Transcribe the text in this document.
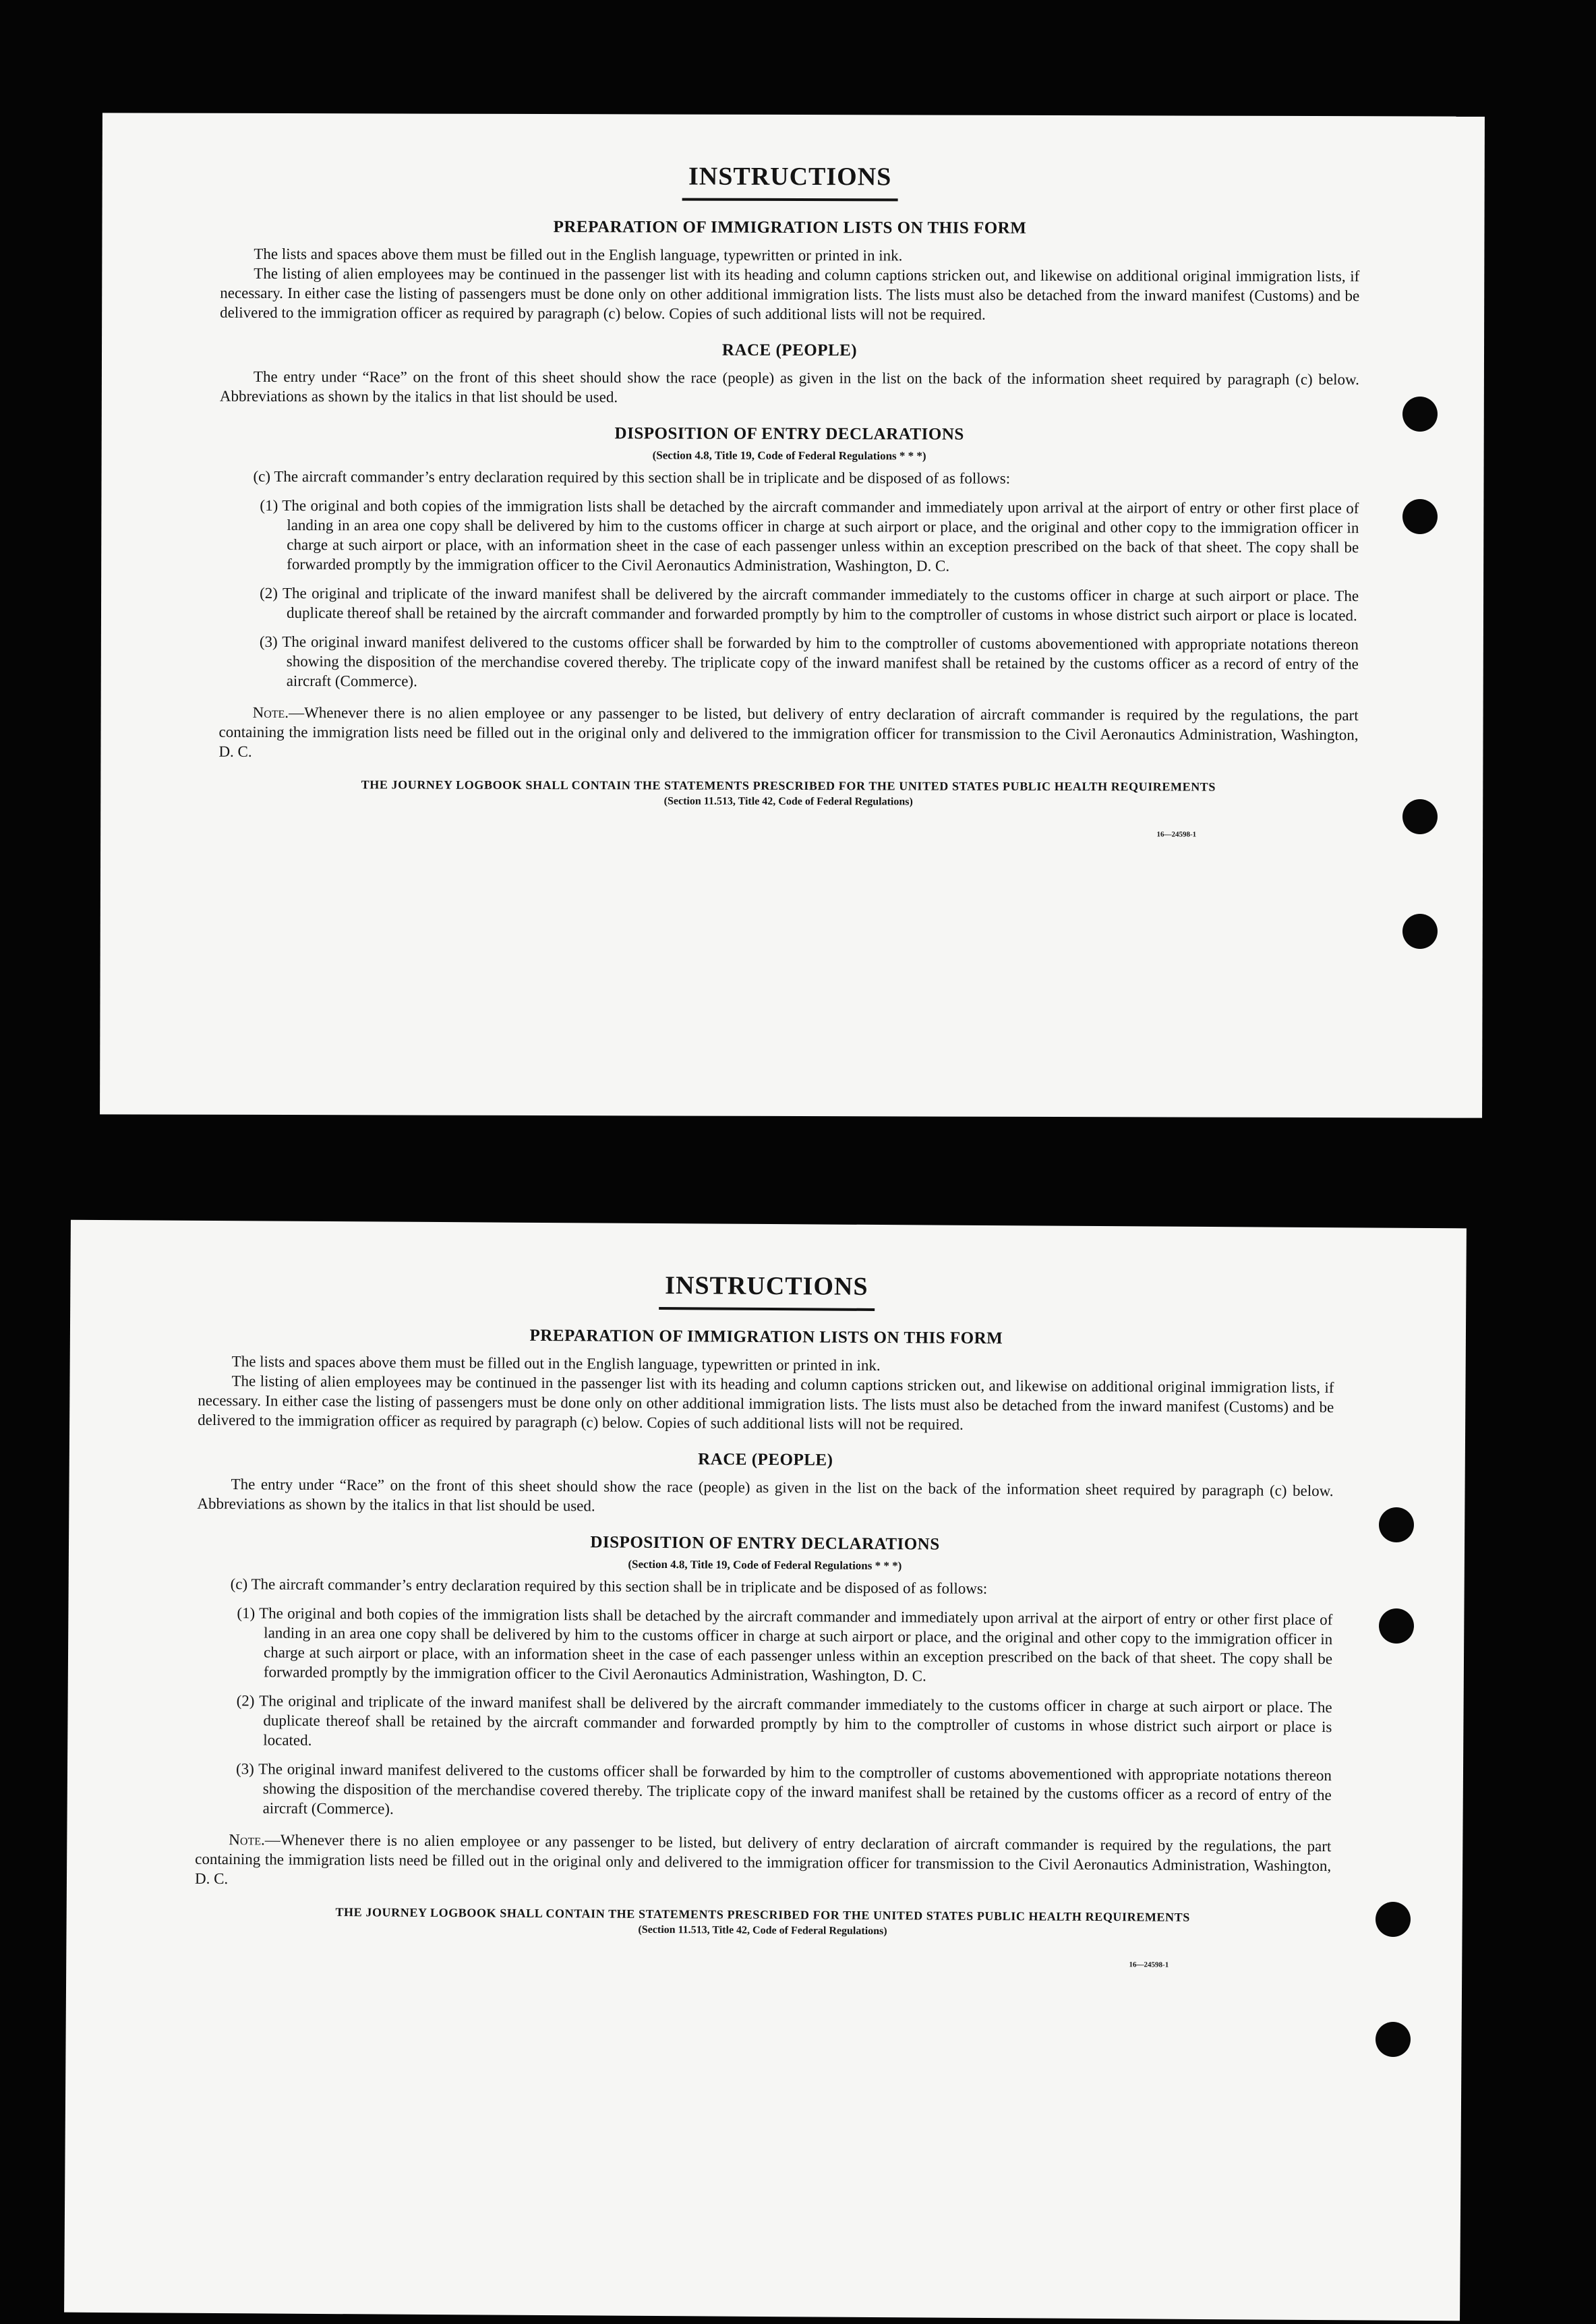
INSTRUCTIONS
PREPARATION OF IMMIGRATION LISTS ON THIS FORM

The lists and spaces above them must be filled out in the English language, typewritten or printed in ink.

The listing of alien employees may be continued in the passenger list with its heading and column captions stricken out, and likewise on additional original immigration lists, if necessary. In either case the listing of passengers must be done only on other additional immigration lists. The lists must also be detached from the inward manifest (Customs) and be delivered to the immigration officer as required by paragraph (c) below. Copies of such additional lists will not be required.

RACE (PEOPLE)

The entry under “Race” on the front of this sheet should show the race (people) as given in the list on the back of the information sheet required by paragraph (c) below. Abbreviations as shown by the italics in that list should be used.

DISPOSITION OF ENTRY DECLARATIONS
(Section 4.8, Title 19, Code of Federal Regulations * * *)

(c) The aircraft commander’s entry declaration required by this section shall be in triplicate and be disposed of as follows:

(1) The original and both copies of the immigration lists shall be detached by the aircraft commander and immediately upon arrival at the airport of entry or other first place of landing in an area one copy shall be delivered by him to the customs officer in charge at such airport or place, and the original and other copy to the immigration officer in charge at such airport or place, with an information sheet in the case of each passenger unless within an exception prescribed on the back of that sheet. The copy shall be forwarded promptly by the immigration officer to the Civil Aeronautics Administration, Washington, D. C.
(2) The original and triplicate of the inward manifest shall be delivered by the aircraft commander immediately to the customs officer in charge at such airport or place. The duplicate thereof shall be retained by the aircraft commander and forwarded promptly by him to the comptroller of customs in whose district such airport or place is located.
(3) The original inward manifest delivered to the customs officer shall be forwarded by him to the comptroller of customs abovementioned with appropriate notations thereon showing the disposition of the merchandise covered thereby. The triplicate copy of the inward manifest shall be retained by the customs officer as a record of entry of the aircraft (Commerce).
Note.—Whenever there is no alien employee or any passenger to be listed, but delivery of entry declaration of aircraft commander is required by the regulations, the part containing the immigration lists need be filled out in the original only and delivered to the immigration officer for transmission to the Civil Aeronautics Administration, Washington, D. C.
THE JOURNEY LOGBOOK SHALL CONTAIN THE STATEMENTS PRESCRIBED FOR THE UNITED STATES PUBLIC HEALTH REQUIREMENTS
(Section 11.513, Title 42, Code of Federal Regulations)
16—24598-1
INSTRUCTIONS
PREPARATION OF IMMIGRATION LISTS ON THIS FORM

The lists and spaces above them must be filled out in the English language, typewritten or printed in ink.

The listing of alien employees may be continued in the passenger list with its heading and column captions stricken out, and likewise on additional original immigration lists, if necessary. In either case the listing of passengers must be done only on other additional immigration lists. The lists must also be detached from the inward manifest (Customs) and be delivered to the immigration officer as required by paragraph (c) below. Copies of such additional lists will not be required.

RACE (PEOPLE)

The entry under “Race” on the front of this sheet should show the race (people) as given in the list on the back of the information sheet required by paragraph (c) below. Abbreviations as shown by the italics in that list should be used.

DISPOSITION OF ENTRY DECLARATIONS
(Section 4.8, Title 19, Code of Federal Regulations * * *)

(c) The aircraft commander’s entry declaration required by this section shall be in triplicate and be disposed of as follows:

(1) The original and both copies of the immigration lists shall be detached by the aircraft commander and immediately upon arrival at the airport of entry or other first place of landing in an area one copy shall be delivered by him to the customs officer in charge at such airport or place, and the original and other copy to the immigration officer in charge at such airport or place, with an information sheet in the case of each passenger unless within an exception prescribed on the back of that sheet. The copy shall be forwarded promptly by the immigration officer to the Civil Aeronautics Administration, Washington, D. C.
(2) The original and triplicate of the inward manifest shall be delivered by the aircraft commander immediately to the customs officer in charge at such airport or place. The duplicate thereof shall be retained by the aircraft commander and forwarded promptly by him to the comptroller of customs in whose district such airport or place is located.
(3) The original inward manifest delivered to the customs officer shall be forwarded by him to the comptroller of customs abovementioned with appropriate notations thereon showing the disposition of the merchandise covered thereby. The triplicate copy of the inward manifest shall be retained by the customs officer as a record of entry of the aircraft (Commerce).
Note.—Whenever there is no alien employee or any passenger to be listed, but delivery of entry declaration of aircraft commander is required by the regulations, the part containing the immigration lists need be filled out in the original only and delivered to the immigration officer for transmission to the Civil Aeronautics Administration, Washington, D. C.
THE JOURNEY LOGBOOK SHALL CONTAIN THE STATEMENTS PRESCRIBED FOR THE UNITED STATES PUBLIC HEALTH REQUIREMENTS
(Section 11.513, Title 42, Code of Federal Regulations)
16—24598-1
